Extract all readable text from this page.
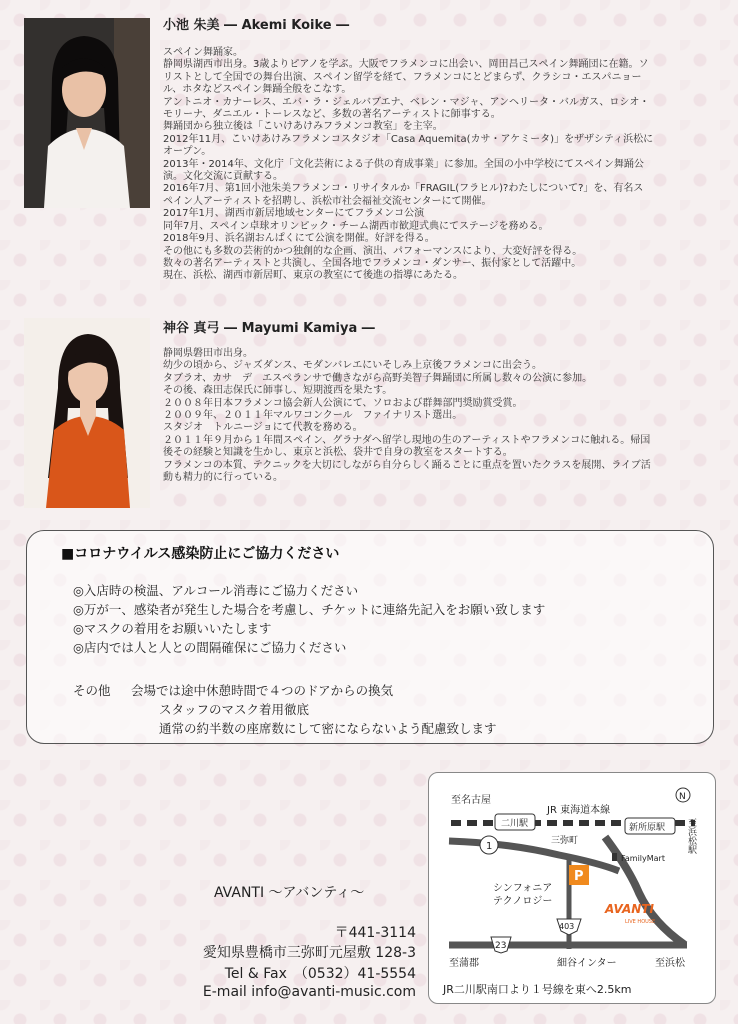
小池 朱美 ― Akemi Koike ―

スペイン舞踊家。

静岡県湖西市出身。3歳よりピアノを学ぶ。大阪でフラメンコに出会い、岡田昌己スペイン舞踊団に在籍。ソ

リストとして全国での舞台出演、スペイン留学を経て、フラメンコにとどまらず、クラシコ・エスパニョー

ル、ホタなどスペイン舞踊全般をこなす。

アントニオ・カナーレス、エバ・ラ・ジェルバブエナ、ベレン・マジャ、アンヘリータ・バルガス、ロシオ・

モリーナ、ダニエル・トーレスなど、多数の著名アーティストに師事する。

舞踊団から独立後は「こいけあけみフラメンコ教室」を主宰。

2012年11月、こいけあけみフラメンコスタジオ「Casa Aquemita(カサ・アケミータ)」をザザシティ浜松に

オープン。

2013年・2014年、文化庁「文化芸術による子供の育成事業」に参加。全国の小中学校にてスペイン舞踊公

演。文化交流に貢献する。

2016年7月、第1回小池朱美フラメンコ・リサイタルか「FRAGIL(フラヒル)?わたしについて?」を、有名ス

ペイン人アーティストを招聘し、浜松市社会福祉交流センターにて開催。

2017年1月、湖西市新居地域センターにてフラメンコ公演

同年7月、スペイン卓球オリンピック・チーム湖西市歓迎式典にてステージを務める。

2018年9月、浜名湖おんぱくにて公演を開催。好評を得る。

その他にも多数の芸術的かつ独創的な企画、演出、パフォーマンスにより、大変好評を得る。

数々の著名アーティストと共演し、全国各地でフラメンコ・ダンサー、振付家として活躍中。

現在、浜松、湖西市新居町、東京の教室にて後進の指導にあたる。

神谷 真弓 ― Mayumi Kamiya ―

静岡県磐田市出身。

幼少の頃から、ジャズダンス、モダンバレエにいそしみ上京後フラメンコに出会う。

タブラオ、カサ　デ　エスペランサで働きながら高野美智子舞踊団に所属し数々の公演に参加。

その後、森田志保氏に師事し、短期渡西を果たす。

２００８年日本フラメンコ協会新人公演にて、ソロおよび群舞部門奨励賞受賞。

２００９年、２０１１年マルワコンクール　ファイナリスト選出。

スタジオ　トルニージョにて代教を務める。

２０１１年９月から１年間スペイン、グラナダへ留学し現地の生のアーティストやフラメンコに触れる。帰国

後その経験と知識を生かし、東京と浜松、袋井で自身の教室をスタートする。

フラメンコの本質、テクニックを大切にしながら自分らしく踊ることに重点を置いたクラスを展開、ライブ活

動も精力的に行っている。

■コロナウイルス感染防止にご協力ください
◎入店時の検温、アルコール消毒にご協力ください
◎万が一、感染者が発生した場合を考慮し、チケットに連絡先記入をお願い致します
◎マスクの着用をお願いいたします
◎店内では人と人との間隔確保にご協力ください
その他 会場では途中休憩時間で４つのドアからの換気
スタッフのマスク着用徹底
通常の約半数の座席数にして密にならないよう配慮致します
AVANTI ～アバンティ～
〒441-3114
愛知県豊橋市三弥町元屋敷 128-3
Tel & Fax　（0532）41-5554
E-mail info@avanti-music.com
至名古屋
JR 東海道本線
二川駅	新所原駅 至浜松駅
1	三弥町
FamilyMart
P
シンフォニア
テクノロジー
403
AVANTI
LIVE HOUSE
23
至蒲郡	細谷インター	至浜松
N
JR二川駅南口より１号線を東へ2.5km
